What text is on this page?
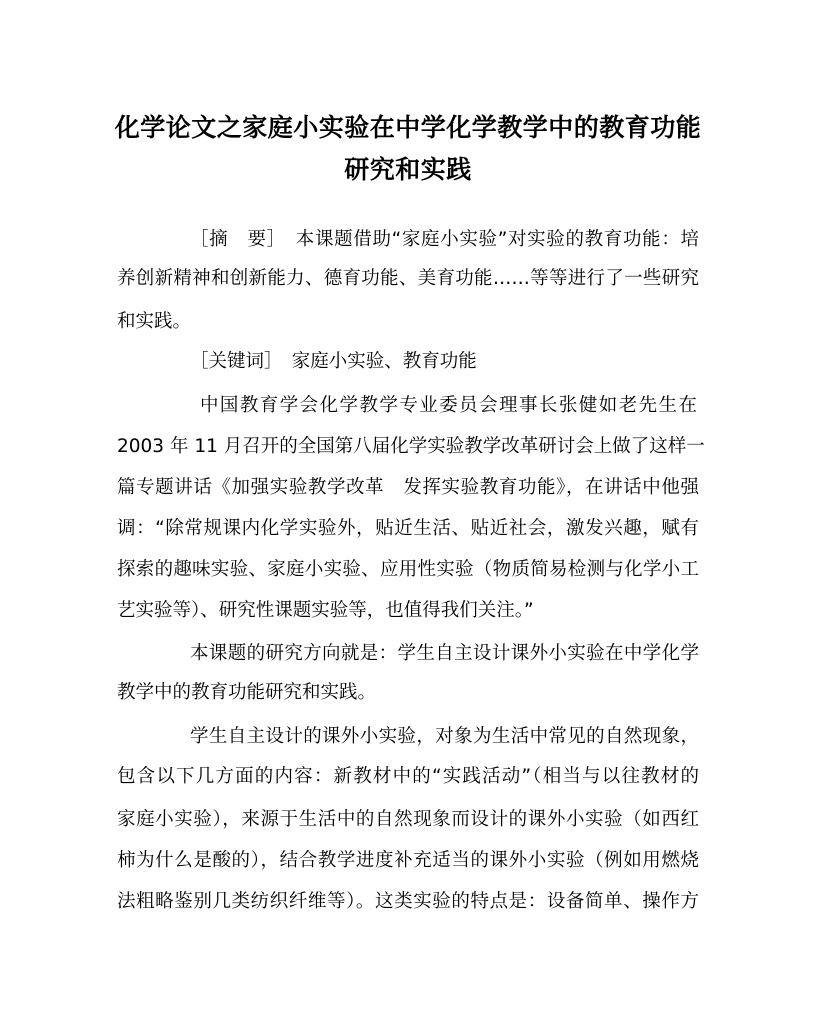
化学论文之家庭小实验在中学化学教学中的教育功能
研究和实践
［摘　要］　本课题借助“家庭小实验”对实验的教育功能：培
养创新精神和创新能力、德育功能、美育功能……等等进行了一些研究
和实践。
［关键词］　家庭小实验、教育功能
中国教育学会化学教学专业委员会理事长张健如老先生在
2003 年 11 月召开的全国第八届化学实验教学改革研讨会上做了这样一
篇专题讲话《加强实验教学改革　发挥实验教育功能》，在讲话中他强
调：“除常规课内化学实验外，贴近生活、贴近社会，激发兴趣，赋有
探索的趣味实验、家庭小实验、应用性实验（物质简易检测与化学小工
艺实验等）、研究性课题实验等，也值得我们关注。”
本课题的研究方向就是：学生自主设计课外小实验在中学化学
教学中的教育功能研究和实践。
学生自主设计的课外小实验，对象为生活中常见的自然现象，
包含以下几方面的内容：新教材中的“实践活动”（相当与以往教材的
家庭小实验），来源于生活中的自然现象而设计的课外小实验（如西红
柿为什么是酸的），结合教学进度补充适当的课外小实验（例如用燃烧
法粗略鉴别几类纺织纤维等）。这类实验的特点是：设备简单、操作方
